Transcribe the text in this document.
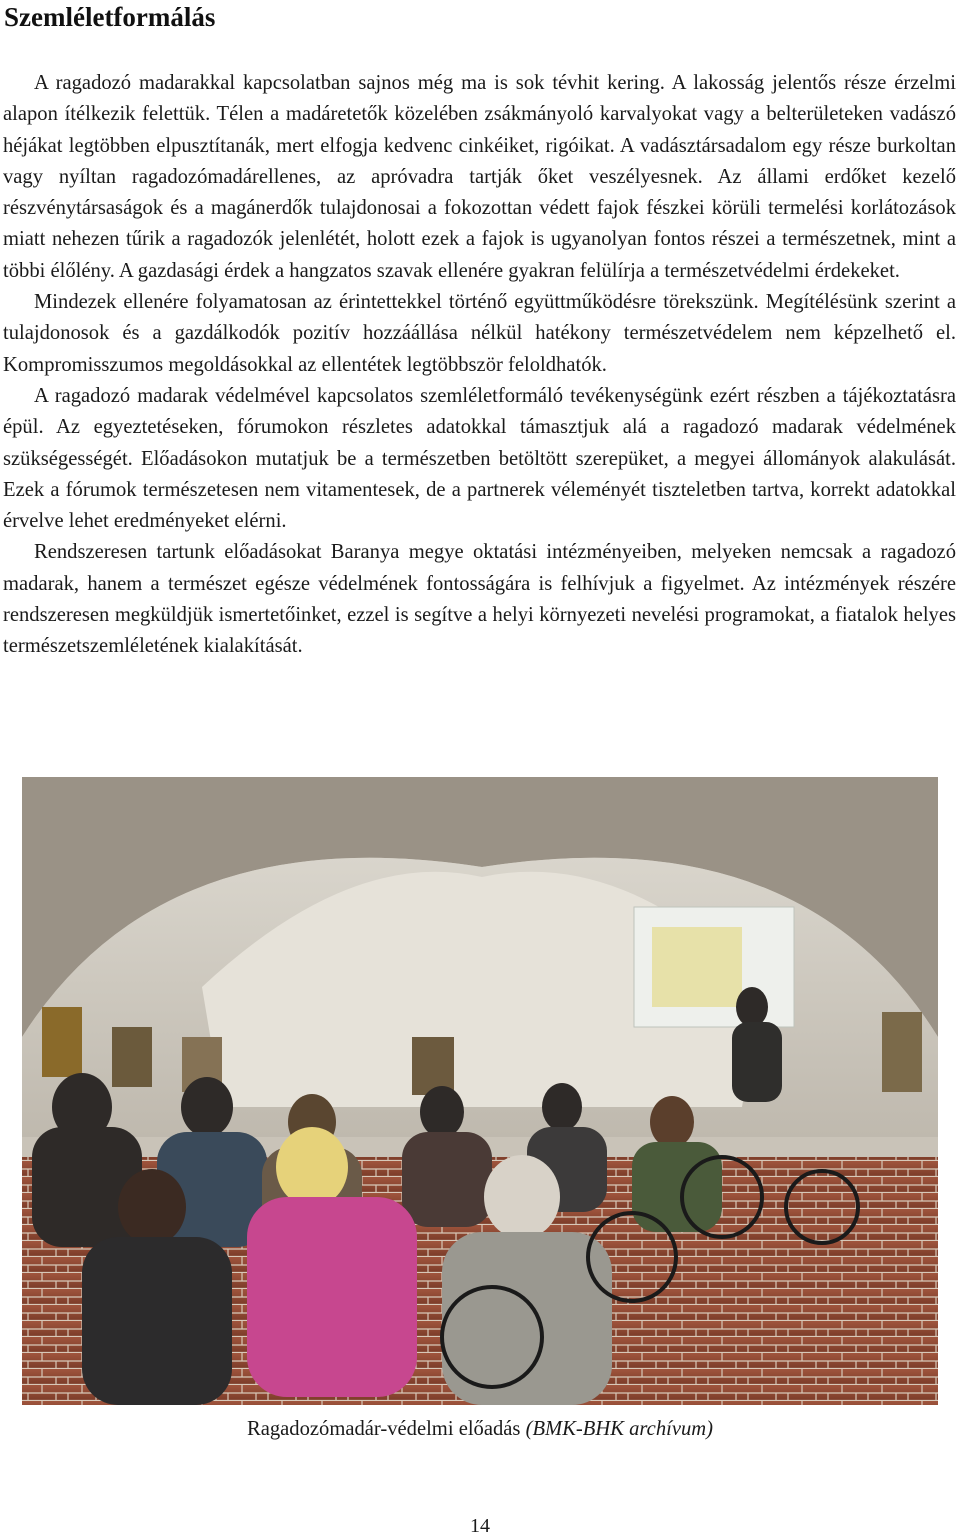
Szemléletformálás

A ragadozó madarakkal kapcsolatban sajnos még ma is sok tévhit kering. A lakosság jelentős része érzelmi alapon ítélkezik felettük. Télen a madáretetők közelében zsákmányoló karvalyokat vagy a belterületeken vadászó héjákat legtöbben elpusztítanák, mert elfogja kedvenc cinkéiket, rigóikat. A vadásztársadalom egy része burkoltan vagy nyíltan ragadozómadárellenes, az apróvadra tartják őket veszélyesnek. Az állami erdőket kezelő részvénytársaságok és a magánerdők tulajdonosai a fokozottan védett fajok fészkei körüli termelési korlátozások miatt nehezen tűrik a ragadozók jelenlétét, holott ezek a fajok is ugyanolyan fontos részei a természetnek, mint a többi élőlény. A gazdasági érdek a hangzatos szavak ellenére gyakran felülírja a természetvédelmi érdekeket.

Mindezek ellenére folyamatosan az érintettekkel történő együttműködésre törekszünk. Megítélésünk szerint a tulajdonosok és a gazdálkodók pozitív hozzáállása nélkül hatékony természetvédelem nem képzelhető el. Kompromisszumos megoldásokkal az ellentétek legtöbbször feloldhatók.

A ragadozó madarak védelmével kapcsolatos szemléletformáló tevékenységünk ezért részben a tájékoztatásra épül. Az egyeztetéseken, fórumokon részletes adatokkal támasztjuk alá a ragadozó madarak védelmének szükségességét. Előadásokon mutatjuk be a természetben betöltött szerepüket, a megyei állományok alakulását. Ezek a fórumok természetesen nem vitamentesek, de a partnerek véleményét tiszteletben tartva, korrekt adatokkal érvelve lehet eredményeket elérni.

Rendszeresen tartunk előadásokat Baranya megye oktatási intézményeiben, melyeken nemcsak a ragadozó madarak, hanem a természet egésze védelmének fontosságára is felhívjuk a figyelmet. Az intézmények részére rendszeresen megküldjük ismertetőinket, ezzel is segítve a helyi környezeti nevelési programokat, a fiatalok helyes természetszemléletének kialakítását.

Ragadozómadár-védelmi előadás (BMK-BHK archívum)
14
